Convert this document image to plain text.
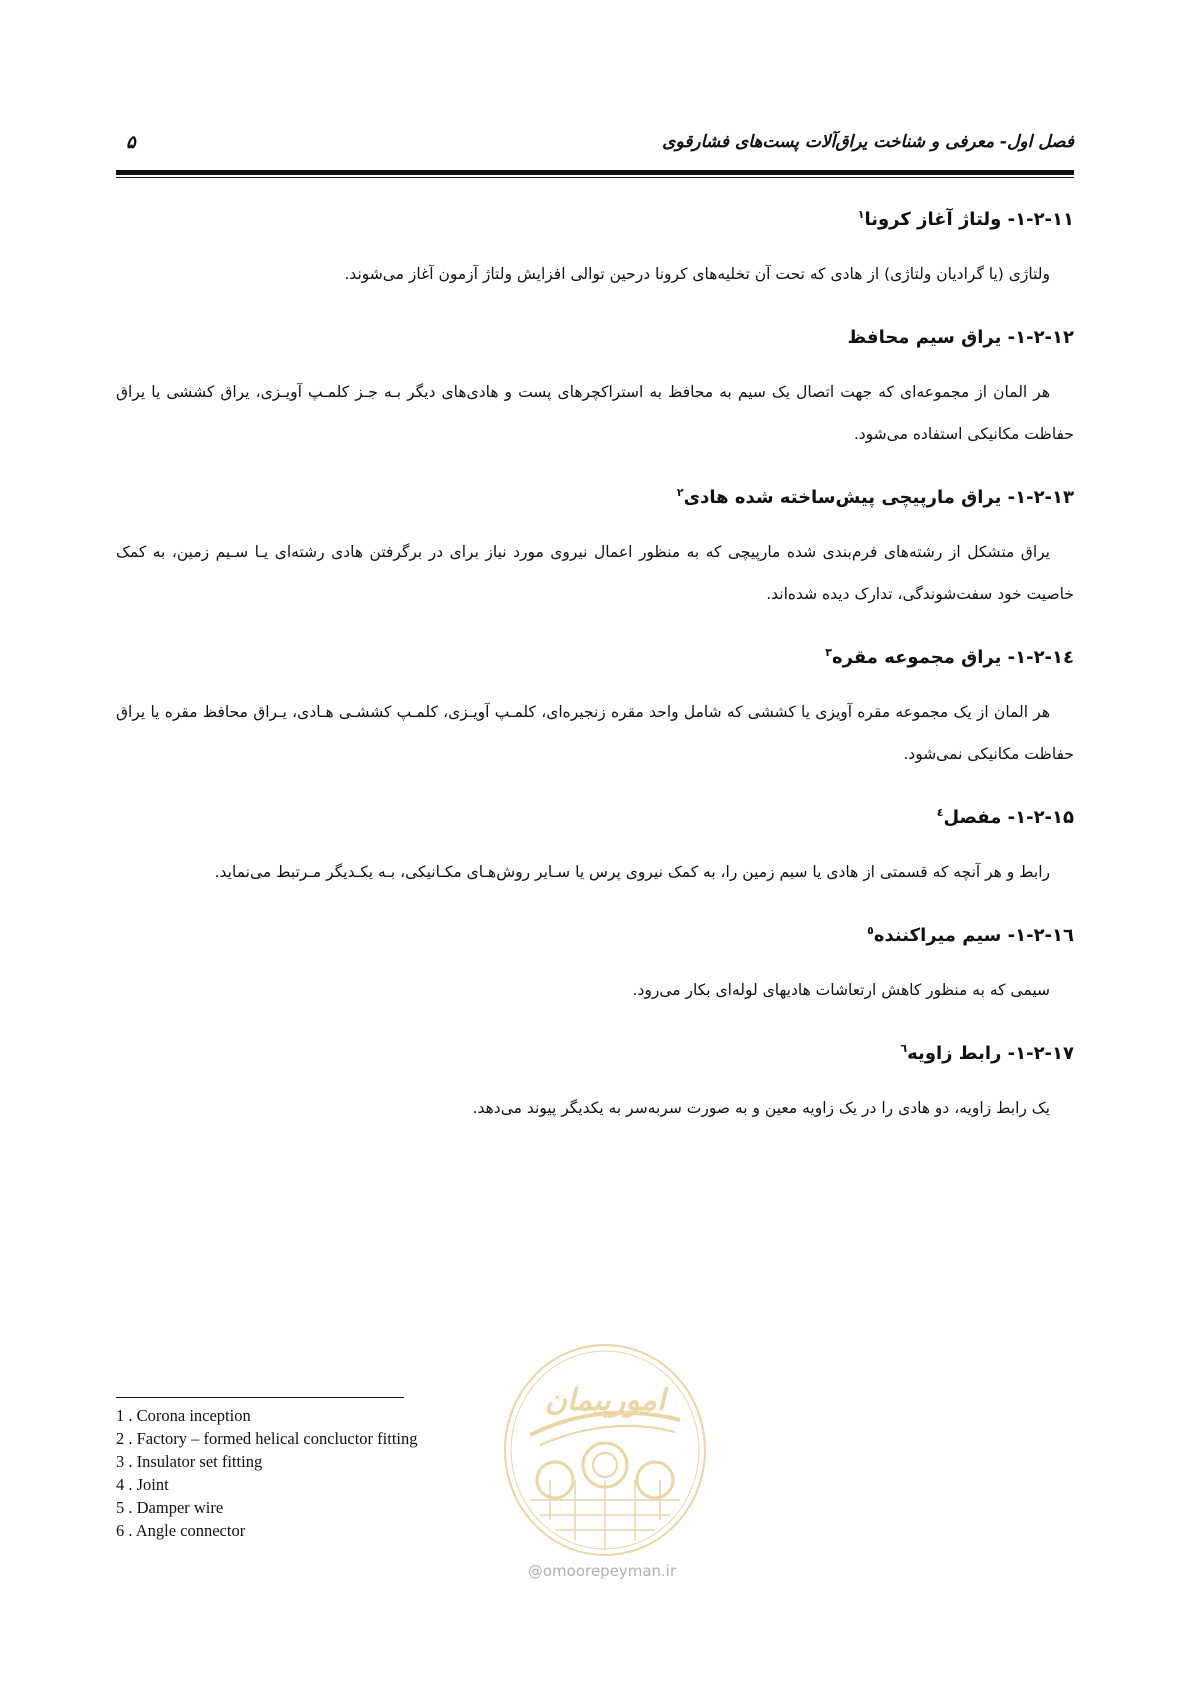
فصل اول- معرفی و شناخت یراق‌آلات پست‌های فشارقوی
۵
۱-۲-۱۱- ولتاژ آغاز کرونا$^۱$

ولتاژی (یا گرادیان ولتاژی) از هادی که تحت آن تخلیه‌های کرونا درحین توالی افزایش ولتاژ آزمون آغاز می‌شوند.

۱-۲-۱۲- یراق سیم محافظ

هر المان از مجموعه‌ای که جهت اتصال یک سیم به محافظ به استراکچرهای پست و هادی‌های دیگر بـه جـز کلمـپ آویـزی، یراق کششی یا یراق حفاظت مکانیکی استفاده می‌شود.

۱-۲-۱۳- یراق مارپیچی پیش‌ساخته شده هادی$^۲$

یراق متشکل از رشته‌های فرم‌بندی شده مارپیچی که به منظور اعمال نیروی مورد نیاز برای در برگرفتن هادی رشته‌ای یـا سـیم زمین، به کمک خاصیت خود سفت‌شوندگی، تدارک دیده شده‌اند.

۱-۲-۱٤- یراق مجموعه مقره$^۳$

هر المان از یک مجموعه مقره آویزی یا کششی که شامل واحد مقره زنجیره‌ای، کلمـپ آویـزی، کلمـپ کششـی هـادی، یـراق محافظ مقره یا یراق حفاظت مکانیکی نمی‌شود.

۱-۲-۱۵- مفصل$^٤$

رابط و هر آنچه که قسمتی از هادی یا سیم زمین را، به کمک نیروی پرس یا سـایر روش‌هـای مکـانیکی، بـه یکـدیگر مـرتبط می‌نماید.

۱-۲-۱٦- سیم میراکننده$^٥$

سیمی که به منظور کاهش ارتعاشات هادیهای لوله‌ای بکار می‌رود.

۱-۲-۱۷- رابط زاویه$^٦$

یک رابط زاویه، دو هادی را در یک زاویه معین و به صورت سربه‌سر به یکدیگر پیوند می‌دهد.

1 . Corona inception
2 . Factory – formed helical concluctor fitting
3 . Insulator set fitting
4 . Joint
5 . Damper wire
6 . Angle connector
امورپیمان
@omoorepeyman.ir
